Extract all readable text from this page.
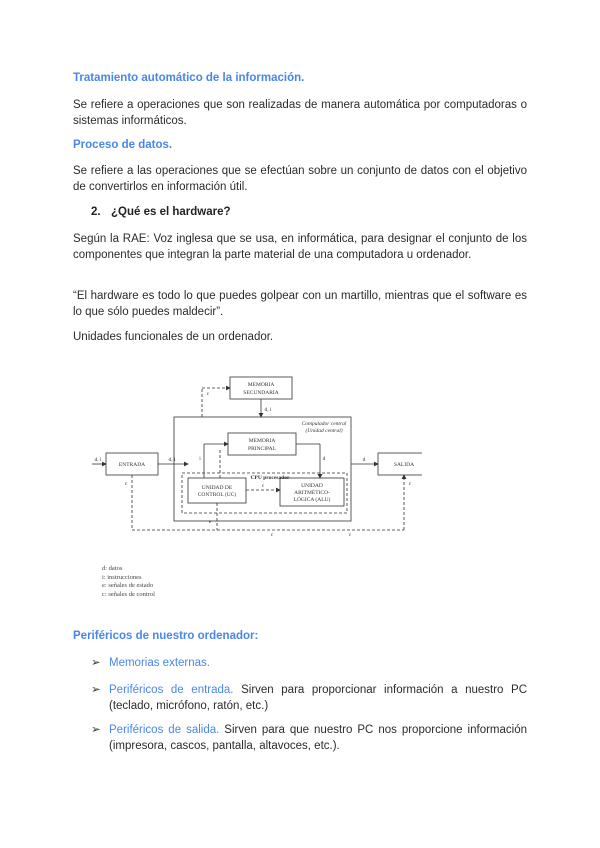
Tratamiento automático de la información.

Se refiere a operaciones que son realizadas de manera automática por computadoras o sistemas informáticos.

Proceso de datos.

Se refiere a las operaciones que se efectúan sobre un conjunto de datos con el objetivo de convertirlos en información útil.

2. ¿Qué es el hardware?

Según la RAE: Voz inglesa que se usa, en informática, para designar el conjunto de los componentes que integran la parte material de una computadora u ordenador.

“El hardware es todo lo que puedes golpear con un martillo, mientras que el software es lo que sólo puedes maldecir”.

Unidades funcionales de un ordenador.

MEMORIA
SECUNDARIA
MEMORIA
PRINCIPAL
Computador central
(Unidad central)
CPU procesador
ENTRADA	SALIDA
UNIDAD DE
CONTROL (UC)
UNIDAD
ARITMÉTICO-
LÓGICA (ALU)
d, i	d, i
d, i
d
i	d
c
c
c
c	c
c
e
d: datos
i: instrucciones
e: señales de estado
c: señales de control

Periféricos de nuestro ordenador:

➢ Memorias externas.
➢ Periféricos de entrada. Sirven para proporcionar información a nuestro PC (teclado, micrófono, ratón, etc.)
➢ Periféricos de salida. Sirven para que nuestro PC nos proporcione información (impresora, cascos, pantalla, altavoces, etc.).
